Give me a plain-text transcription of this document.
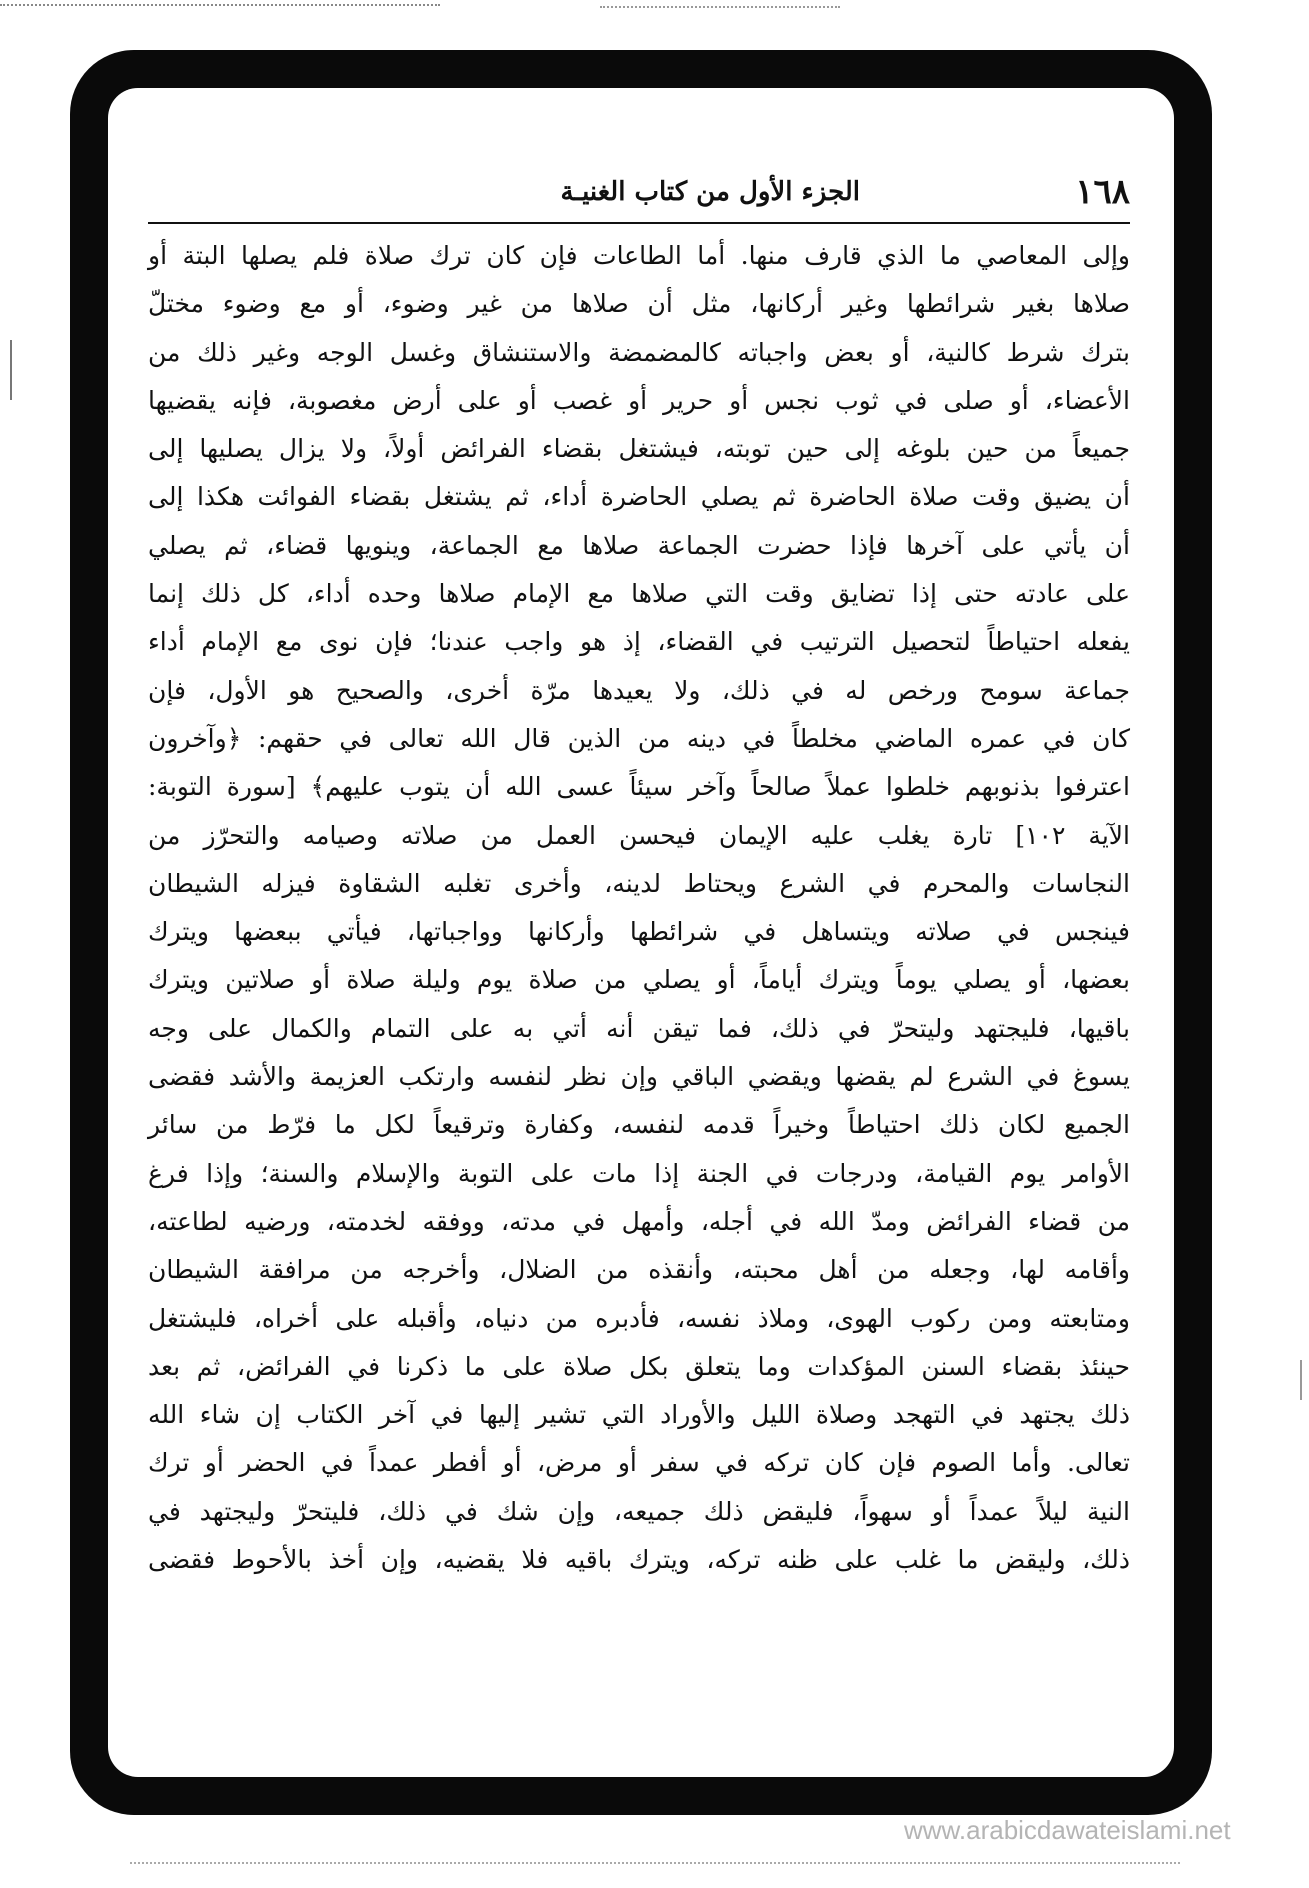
١٦٨
الجزء الأول من كتاب الغنيـة
وإلى المعاصي ما الذي قارف منها. أما الطاعات فإن كان ترك صلاة فلم يصلها البتة أو
صلاها بغير شرائطها وغير أركانها، مثل أن صلاها من غير وضوء، أو مع وضوء مختلّ
بترك شرط كالنية، أو بعض واجباته كالمضمضة والاستنشاق وغسل الوجه وغير ذلك من
الأعضاء، أو صلى في ثوب نجس أو حرير أو غصب أو على أرض مغصوبة، فإنه يقضيها
جميعاً من حين بلوغه إلى حين توبته، فيشتغل بقضاء الفرائض أولاً، ولا يزال يصليها إلى
أن يضيق وقت صلاة الحاضرة ثم يصلي الحاضرة أداء، ثم يشتغل بقضاء الفوائت هكذا إلى
أن يأتي على آخرها فإذا حضرت الجماعة صلاها مع الجماعة، وينويها قضاء، ثم يصلي
على عادته حتى إذا تضايق وقت التي صلاها مع الإمام صلاها وحده أداء، كل ذلك إنما
يفعله احتياطاً لتحصيل الترتيب في القضاء، إذ هو واجب عندنا؛ فإن نوى مع الإمام أداء
جماعة سومح ورخص له في ذلك، ولا يعيدها مرّة أخرى، والصحيح هو الأول، فإن
كان في عمره الماضي مخلطاً في دينه من الذين قال الله تعالى في حقهم: ﴿وآخرون
اعترفوا بذنوبهم خلطوا عملاً صالحاً وآخر سيئاً عسى الله أن يتوب عليهم﴾ [سورة التوبة:
الآية ١٠٢] تارة يغلب عليه الإيمان فيحسن العمل من صلاته وصيامه والتحرّز من
النجاسات والمحرم في الشرع ويحتاط لدينه، وأخرى تغلبه الشقاوة فيزله الشيطان
فينجس في صلاته ويتساهل في شرائطها وأركانها وواجباتها، فيأتي ببعضها ويترك
بعضها، أو يصلي يوماً ويترك أياماً، أو يصلي من صلاة يوم وليلة صلاة أو صلاتين ويترك
باقيها، فليجتهد وليتحرّ في ذلك، فما تيقن أنه أتي به على التمام والكمال على وجه
يسوغ في الشرع لم يقضها ويقضي الباقي وإن نظر لنفسه وارتكب العزيمة والأشد فقضى
الجميع لكان ذلك احتياطاً وخيراً قدمه لنفسه، وكفارة وترقيعاً لكل ما فرّط من سائر
الأوامر يوم القيامة، ودرجات في الجنة إذا مات على التوبة والإسلام والسنة؛ وإذا فرغ
من قضاء الفرائض ومدّ الله في أجله، وأمهل في مدته، ووفقه لخدمته، ورضيه لطاعته،
وأقامه لها، وجعله من أهل محبته، وأنقذه من الضلال، وأخرجه من مرافقة الشيطان
ومتابعته ومن ركوب الهوى، وملاذ نفسه، فأدبره من دنياه، وأقبله على أخراه، فليشتغل
حينئذ بقضاء السنن المؤكدات وما يتعلق بكل صلاة على ما ذكرنا في الفرائض، ثم بعد
ذلك يجتهد في التهجد وصلاة الليل والأوراد التي تشير إليها في آخر الكتاب إن شاء الله
تعالى. وأما الصوم فإن كان تركه في سفر أو مرض، أو أفطر عمداً في الحضر أو ترك
النية ليلاً عمداً أو سهواً، فليقض ذلك جميعه، وإن شك في ذلك، فليتحرّ وليجتهد في
ذلك، وليقض ما غلب على ظنه تركه، ويترك باقيه فلا يقضيه، وإن أخذ بالأحوط فقضى
www.arabicdawateislami.net
